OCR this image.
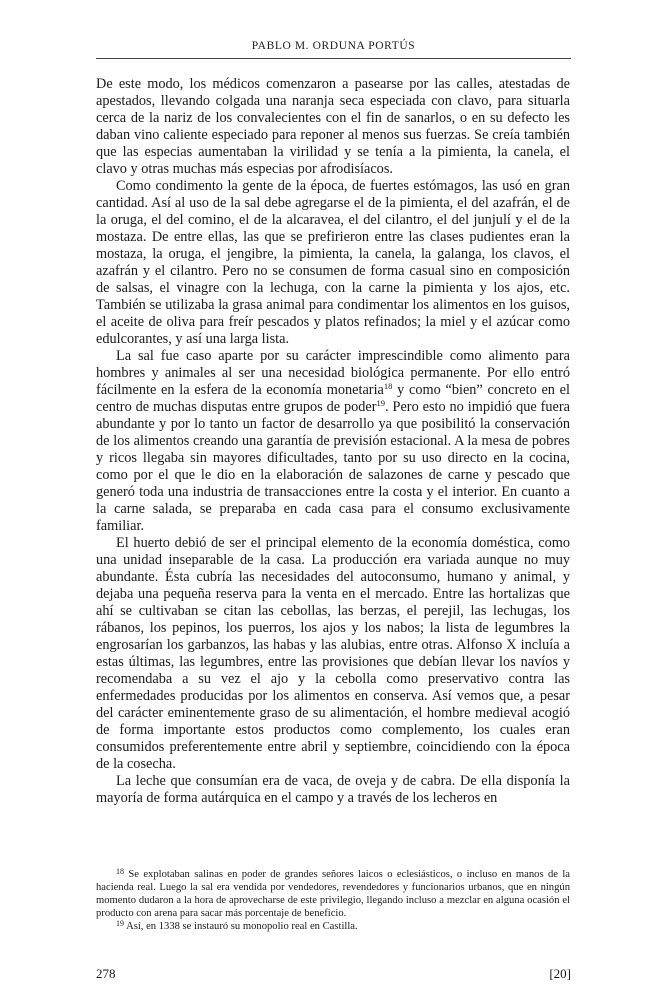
PABLO M. ORDUNA PORTÚS

De este modo, los médicos comenzaron a pasearse por las calles, atestadas de apestados, llevando colgada una naranja seca especiada con clavo, para situarla cerca de la nariz de los convalecientes con el fin de sanarlos, o en su defecto les daban vino caliente especiado para reponer al menos sus fuerzas. Se creía también que las especias aumentaban la virilidad y se tenía a la pimienta, la canela, el clavo y otras muchas más especias por afrodisíacos.

Como condimento la gente de la época, de fuertes estómagos, las usó en gran cantidad. Así al uso de la sal debe agregarse el de la pimienta, el del azafrán, el de la oruga, el del comino, el de la alcaravea, el del cilantro, el del junjulí y el de la mostaza. De entre ellas, las que se prefirieron entre las clases pudientes eran la mostaza, la oruga, el jengibre, la pimienta, la canela, la galanga, los clavos, el azafrán y el cilantro. Pero no se consumen de forma casual sino en composición de salsas, el vinagre con la lechuga, con la carne la pimienta y los ajos, etc. También se utilizaba la grasa animal para condimentar los alimentos en los guisos, el aceite de oliva para freír pescados y platos refinados; la miel y el azúcar como edulcorantes, y así una larga lista.

La sal fue caso aparte por su carácter imprescindible como alimento para hombres y animales al ser una necesidad biológica permanente. Por ello entró fácilmente en la esfera de la economía monetaria$^{18}$ y como “bien” concreto en el centro de muchas disputas entre grupos de poder$^{19}$. Pero esto no impidió que fuera abundante y por lo tanto un factor de desarrollo ya que posibilitó la conservación de los alimentos creando una garantía de previsión estacional. A la mesa de pobres y ricos llegaba sin mayores dificultades, tanto por su uso directo en la cocina, como por el que le dio en la elaboración de salazones de carne y pescado que generó toda una industria de transacciones entre la costa y el interior. En cuanto a la carne salada, se preparaba en cada casa para el consumo exclusivamente familiar.

El huerto debió de ser el principal elemento de la economía doméstica, como una unidad inseparable de la casa. La producción era variada aunque no muy abundante. Ésta cubría las necesidades del autoconsumo, humano y animal, y dejaba una pequeña reserva para la venta en el mercado. Entre las hortalizas que ahí se cultivaban se citan las cebollas, las berzas, el perejil, las lechugas, los rábanos, los pepinos, los puerros, los ajos y los nabos; la lista de legumbres la engrosarían los garbanzos, las habas y las alubias, entre otras. Alfonso X incluía a estas últimas, las legumbres, entre las provisiones que debían llevar los navíos y recomendaba a su vez el ajo y la cebolla como preservativo contra las enfermedades producidas por los alimentos en conserva. Así vemos que, a pesar del carácter eminentemente graso de su alimentación, el hombre medieval acogió de forma importante estos productos como complemento, los cuales eran consumidos preferentemente entre abril y septiembre, coincidiendo con la época de la cosecha.

La leche que consumían era de vaca, de oveja y de cabra. De ella disponía la mayoría de forma autárquica en el campo y a través de los lecheros en

$^{18}$ Se explotaban salinas en poder de grandes señores laicos o eclesiásticos, o incluso en manos de la hacienda real. Luego la sal era vendida por vendedores, revendedores y funcionarios urbanos, que en ningún momento dudaron a la hora de aprovecharse de este privilegio, llegando incluso a mezclar en alguna ocasión el producto con arena para sacar más porcentaje de beneficio.

$^{19}$ Así, en 1338 se instauró su monopolio real en Castilla.

278	[20]
